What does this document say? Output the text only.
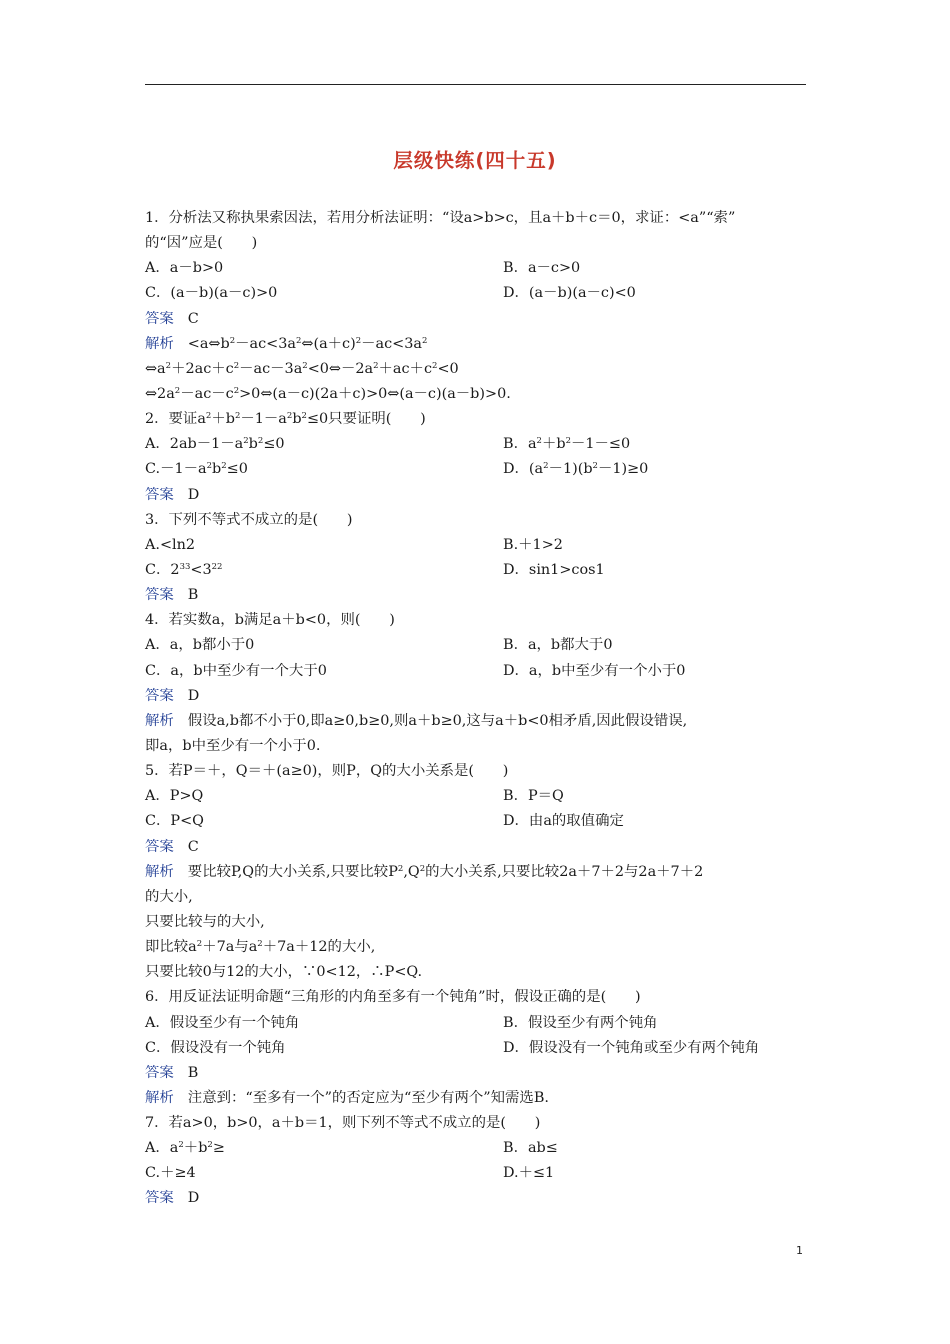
层级快练(四十五)
1．分析法又称执果索因法，若用分析法证明：“设a>b>c，且a＋b＋c＝0，求证：<a”“索”
的“因”应是(　　)
A．a－b>0	B．a－c>0
C．(a－b)(a－c)>0	D．(a－b)(a－c)<0
答案 C
解析 $<a\Leftrightarrow b^2-ac<3a^2\Leftrightarrow(a+c)^2-ac<3a^2$
$\Leftrightarrow a^2+2ac+c^2-ac-3a^2<0\Leftrightarrow-2a^2+ac+c^2<0$
$\Leftrightarrow 2a^2-ac-c^2>0\Leftrightarrow(a-c)(2a+c)>0\Leftrightarrow(a-c)(a-b)>0$.
2．要证$a^2+b^2-1-a^2b^2\le 0$只要证明(　　)
A．$2ab-1-a^2b^2\le 0$	B．$a^2+b^2-1-\le 0$
$C.-1-a^2b^2\le 0$	D．$(a^2-1)(b^2-1)\ge 0$
答案 D
3．下列不等式不成立的是(　　)
A.<ln2	B.＋1>2
C．$2^{33}<3^{22}$	D．sin1>cos1
答案 B
4．若实数a，b满足a＋b<0，则(　　)
A．a，b都小于0	B．a，b都大于0
C．a，b中至少有一个大于0	D．a，b中至少有一个小于0
答案 D
解析 假设a,b都不小于0,即a≥0,b≥0,则a＋b≥0,这与a＋b<0相矛盾,因此假设错误,
即a，b中至少有一个小于0.
5．若P＝＋，Q＝＋(a≥0)，则P，Q的大小关系是(　　)
A．P>Q	B．P＝Q
C．P<Q	D．由a的取值确定
答案 C
解析 要比较P,Q的大小关系,只要比较$P^2,Q^2$的大小关系,只要比较2a＋7＋2与2a＋7＋2
的大小,
只要比较与的大小,
即比较$a^2+7a$与$a^2+7a+12$的大小,
只要比较0与12的大小，∵0<12，∴P<Q.
6．用反证法证明命题“三角形的内角至多有一个钝角”时，假设正确的是(　　)
A．假设至少有一个钝角	B．假设至少有两个钝角
C．假设没有一个钝角	D．假设没有一个钝角或至少有两个钝角
答案 B
解析 注意到：“至多有一个”的否定应为“至少有两个”知需选B.
7．若a>0，b>0，a＋b＝1，则下列不等式不成立的是(　　)
A．$a^2+b^2\ge$	B．ab≤
C.＋≥4	D.＋≤1
答案 D
1
